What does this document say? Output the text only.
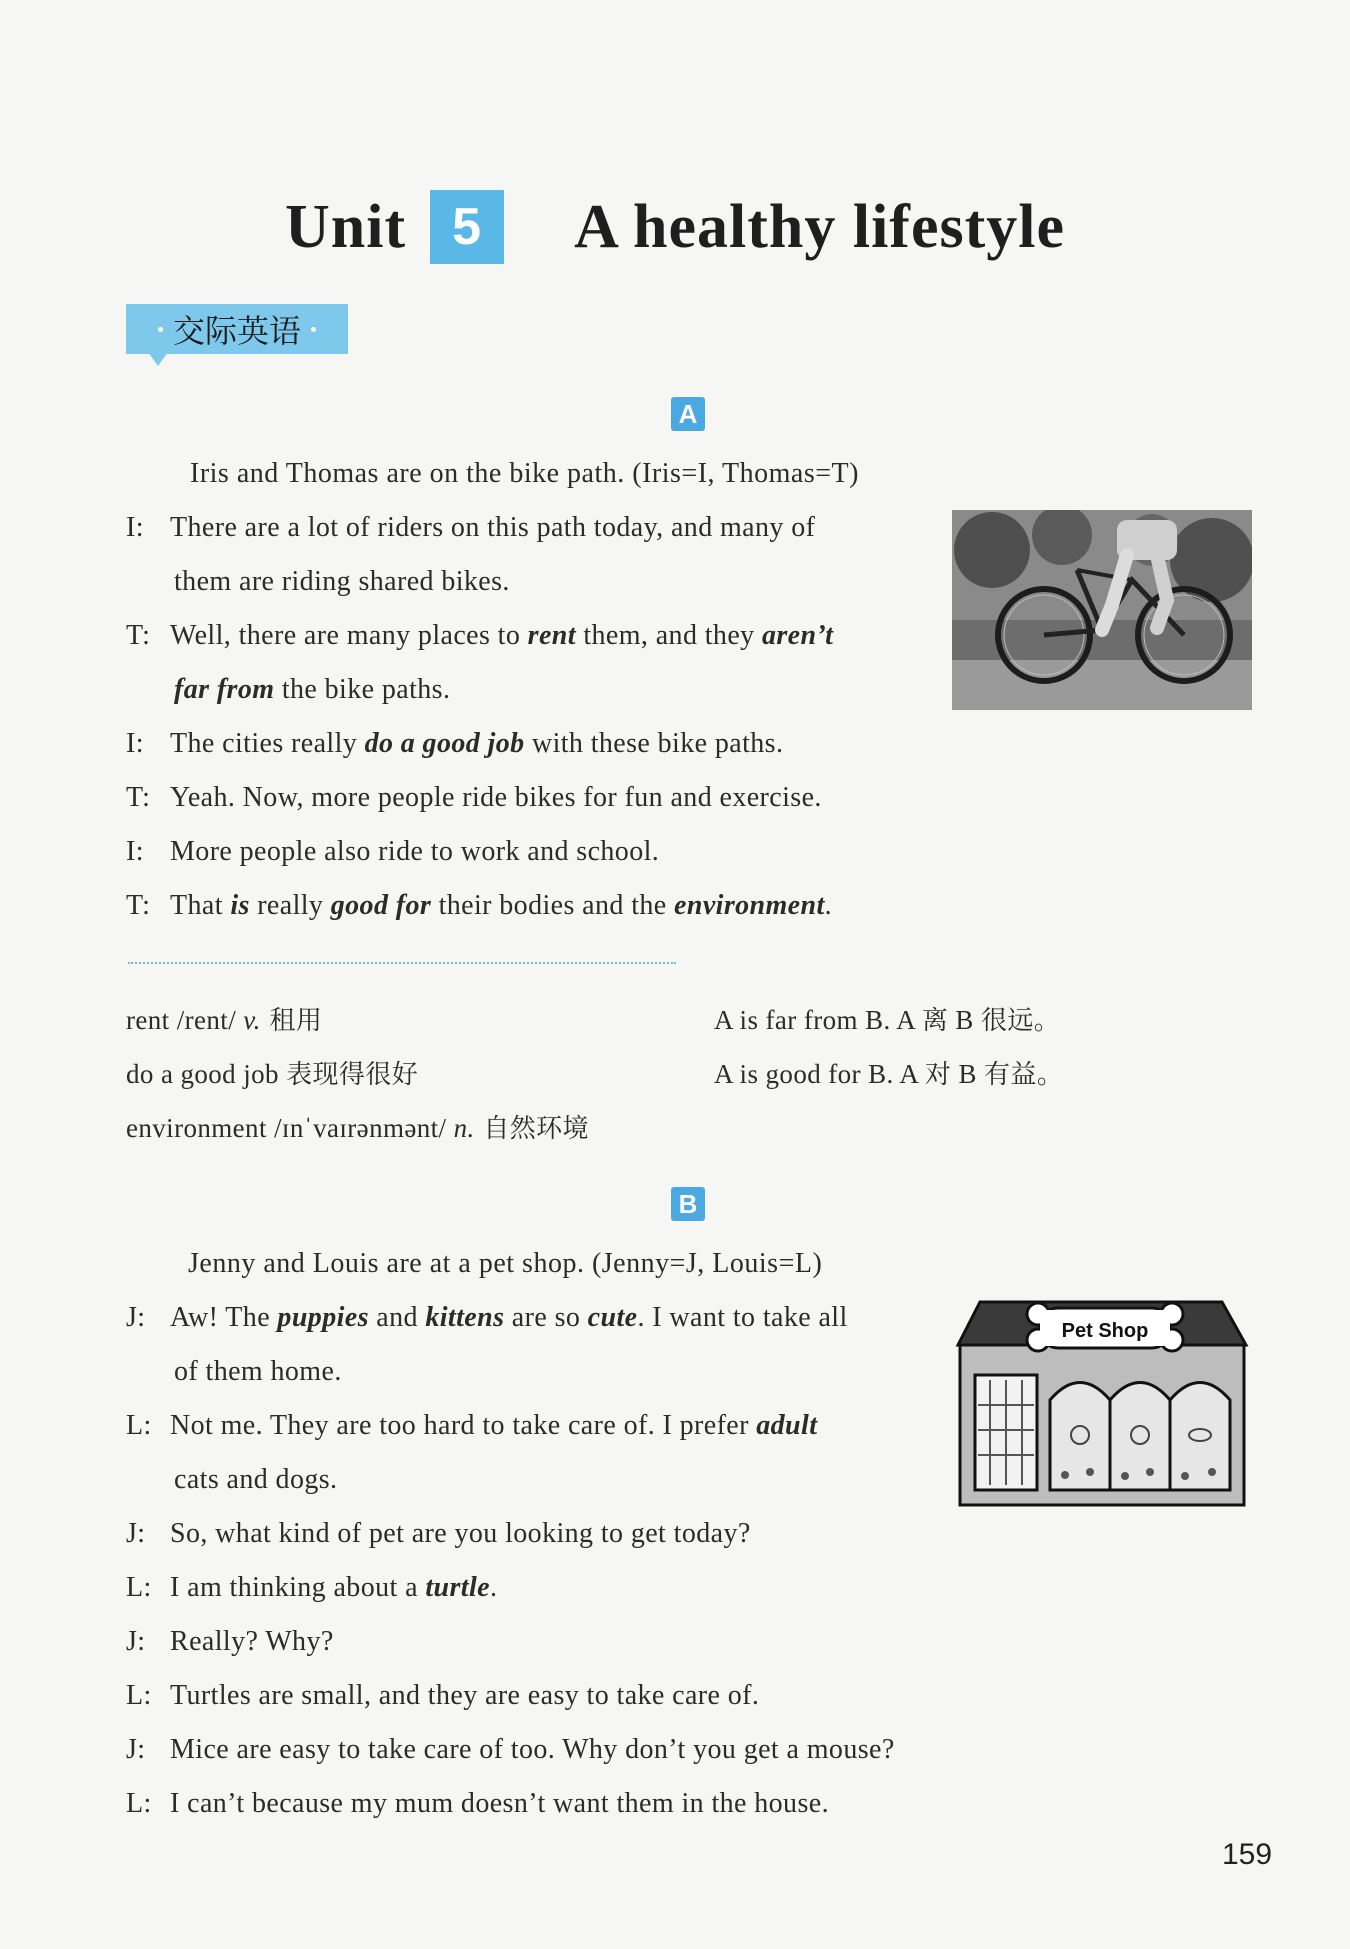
Unit 5	A healthy lifestyle
交际英语
A
Iris and Thomas are on the bike path. (Iris=I, Thomas=T)
I: There are a lot of riders on this path today, and many of
them are riding shared bikes.
T: Well, there are many places to rent them, and they aren’t
far from the bike paths.
I: The cities really do a good job with these bike paths.
T: Yeah. Now, more people ride bikes for fun and exercise.
I: More people also ride to work and school.
T: That is really good for their bodies and the environment.
rent /rent/ v. 租用
do a good job 表现得很好
environment /ɪnˈvaɪrənmənt/ n. 自然环境
A is far from B. A 离 B 很远。
A is good for B. A 对 B 有益。
B
Jenny and Louis are at a pet shop. (Jenny=J, Louis=L)
J: Aw! The puppies and kittens are so cute. I want to take all
of them home.
L: Not me. They are too hard to take care of. I prefer adult
cats and dogs.
J: So, what kind of pet are you looking to get today?
L: I am thinking about a turtle.
J: Really? Why?
L: Turtles are small, and they are easy to take care of.
J: Mice are easy to take care of too. Why don’t you get a mouse?
L: I can’t because my mum doesn’t want them in the house.
Pet Shop
159
